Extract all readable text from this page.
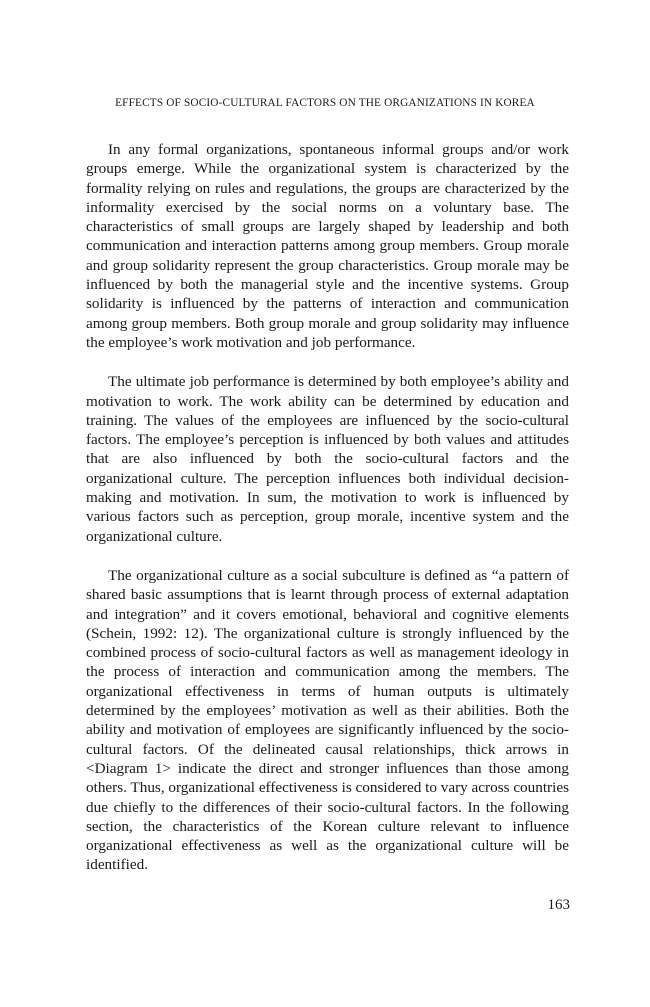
EFFECTS OF SOCIO-CULTURAL FACTORS ON THE ORGANIZATIONS IN KOREA

In any formal organizations, spontaneous informal groups and/or work groups emerge. While the organizational system is characterized by the formality relying on rules and regulations, the groups are characterized by the informality exercised by the social norms on a voluntary base. The characteristics of small groups are largely shaped by leadership and both communication and interaction patterns among group members. Group morale and group solidarity represent the group characteristics. Group morale may be influenced by both the managerial style and the incentive systems. Group solidarity is influenced by the patterns of interaction and communication among group members. Both group morale and group solidarity may influence the employee’s work motivation and job performance.

The ultimate job performance is determined by both employee’s ability and motivation to work. The work ability can be determined by education and training. The values of the employees are influenced by the socio-cultural factors. The employee’s perception is influenced by both values and attitudes that are also influenced by both the socio-cultural factors and the organizational culture. The perception influences both individual decision-making and motivation. In sum, the motivation to work is influenced by various factors such as perception, group morale, incentive system and the organizational culture.

The organizational culture as a social subculture is defined as “a pattern of shared basic assumptions that is learnt through process of external adaptation and integration” and it covers emotional, behavioral and cognitive elements (Schein, 1992: 12). The organizational culture is strongly influenced by the combined process of socio-cultural factors as well as management ideology in the process of interaction and communication among the members. The organizational effectiveness in terms of human outputs is ultimately determined by the employees’ motivation as well as their abilities. Both the ability and motivation of employees are significantly influenced by the socio-cultural factors. Of the delineated causal relationships, thick arrows in <Diagram 1> indicate the direct and stronger influences than those among others. Thus, organizational effectiveness is considered to vary across countries due chiefly to the differences of their socio-cultural factors. In the following section, the characteristics of the Korean culture relevant to influence organizational effectiveness as well as the organizational culture will be identified.

163
